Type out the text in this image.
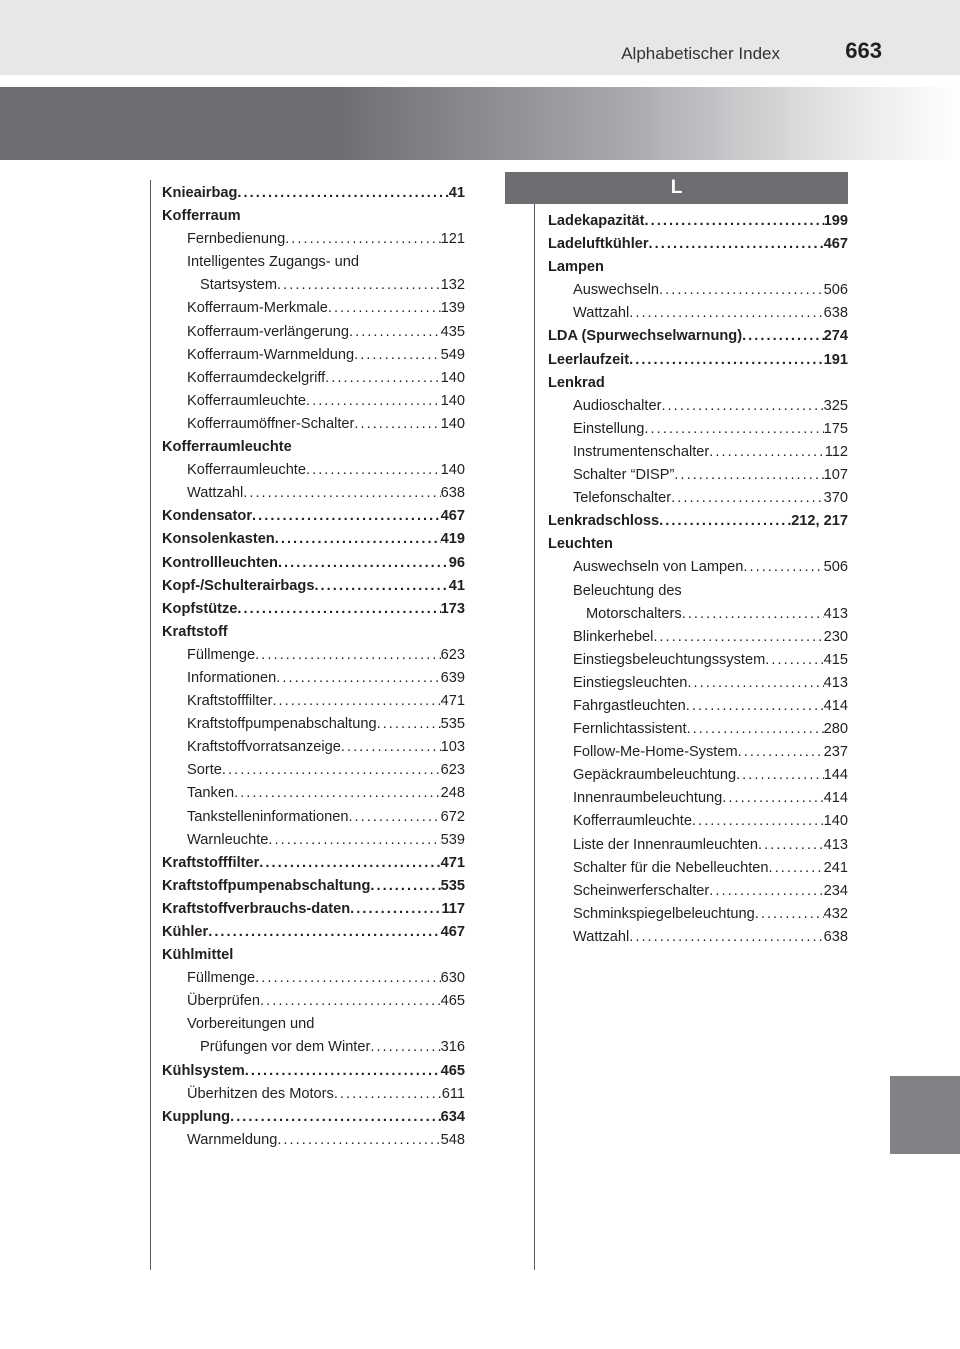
Alphabetischer Index	663
L
Knieairbag . . .	41
Kofferraum
Fernbedienung . . .	121
Intelligentes Zugangs- und
Startsystem . . .	132
Kofferraum-Merkmale . . .	139
Kofferraum-verlängerung . . .	435
Kofferraum-Warnmeldung . . .	549
Kofferraumdeckelgriff . . .	140
Kofferraumleuchte . . .	140
Kofferraumöffner-Schalter . . .	140
Kofferraumleuchte
Kofferraumleuchte . . .	140
Wattzahl . . .	638
Kondensator . . .	467
Konsolenkasten . . .	419
Kontrollleuchten . . .	96
Kopf-/Schulterairbags . . .	41
Kopfstütze . . .	173
Kraftstoff
Füllmenge . . .	623
Informationen . . .	639
Kraftstofffilter . . .	471
Kraftstoffpumpenabschaltung . . .	535
Kraftstoffvorratsanzeige . . .	103
Sorte . . .	623
Tanken . . .	248
Tankstelleninformationen . . .	672
Warnleuchte . . .	539
Kraftstofffilter . . .	471
Kraftstoffpumpenabschaltung . . .	535
Kraftstoffverbrauchs-daten . . .	117
Kühler . . .	467
Kühlmittel
Füllmenge . . .	630
Überprüfen . . .	465
Vorbereitungen und
Prüfungen vor dem Winter . . .	316
Kühlsystem . . .	465
Überhitzen des Motors . . .	611
Kupplung . . .	634
Warnmeldung . . .	548
Ladekapazität . . .	199
Ladeluftkühler . . .	467
Lampen
Auswechseln . . .	506
Wattzahl . . .	638
LDA (Spurwechselwarnung) . . .	274
Leerlaufzeit . . .	191
Lenkrad
Audioschalter . . .	325
Einstellung . . .	175
Instrumentenschalter . . .	112
Schalter “DISP” . . .	107
Telefonschalter . . .	370
Lenkradschloss . . .	212, 217
Leuchten
Auswechseln von Lampen . . .	506
Beleuchtung des
Motorschalters . . .	413
Blinkerhebel . . .	230
Einstiegsbeleuchtungssystem . . .	415
Einstiegsleuchten . . .	413
Fahrgastleuchten . . .	414
Fernlichtassistent . . .	280
Follow-Me-Home-System . . .	237
Gepäckraumbeleuchtung . . .	144
Innenraumbeleuchtung . . .	414
Kofferraumleuchte . . .	140
Liste der Innenraumleuchten . . .	413
Schalter für die Nebelleuchten . . .	241
Scheinwerferschalter . . .	234
Schminkspiegelbeleuchtung . . .	432
Wattzahl . . .	638
